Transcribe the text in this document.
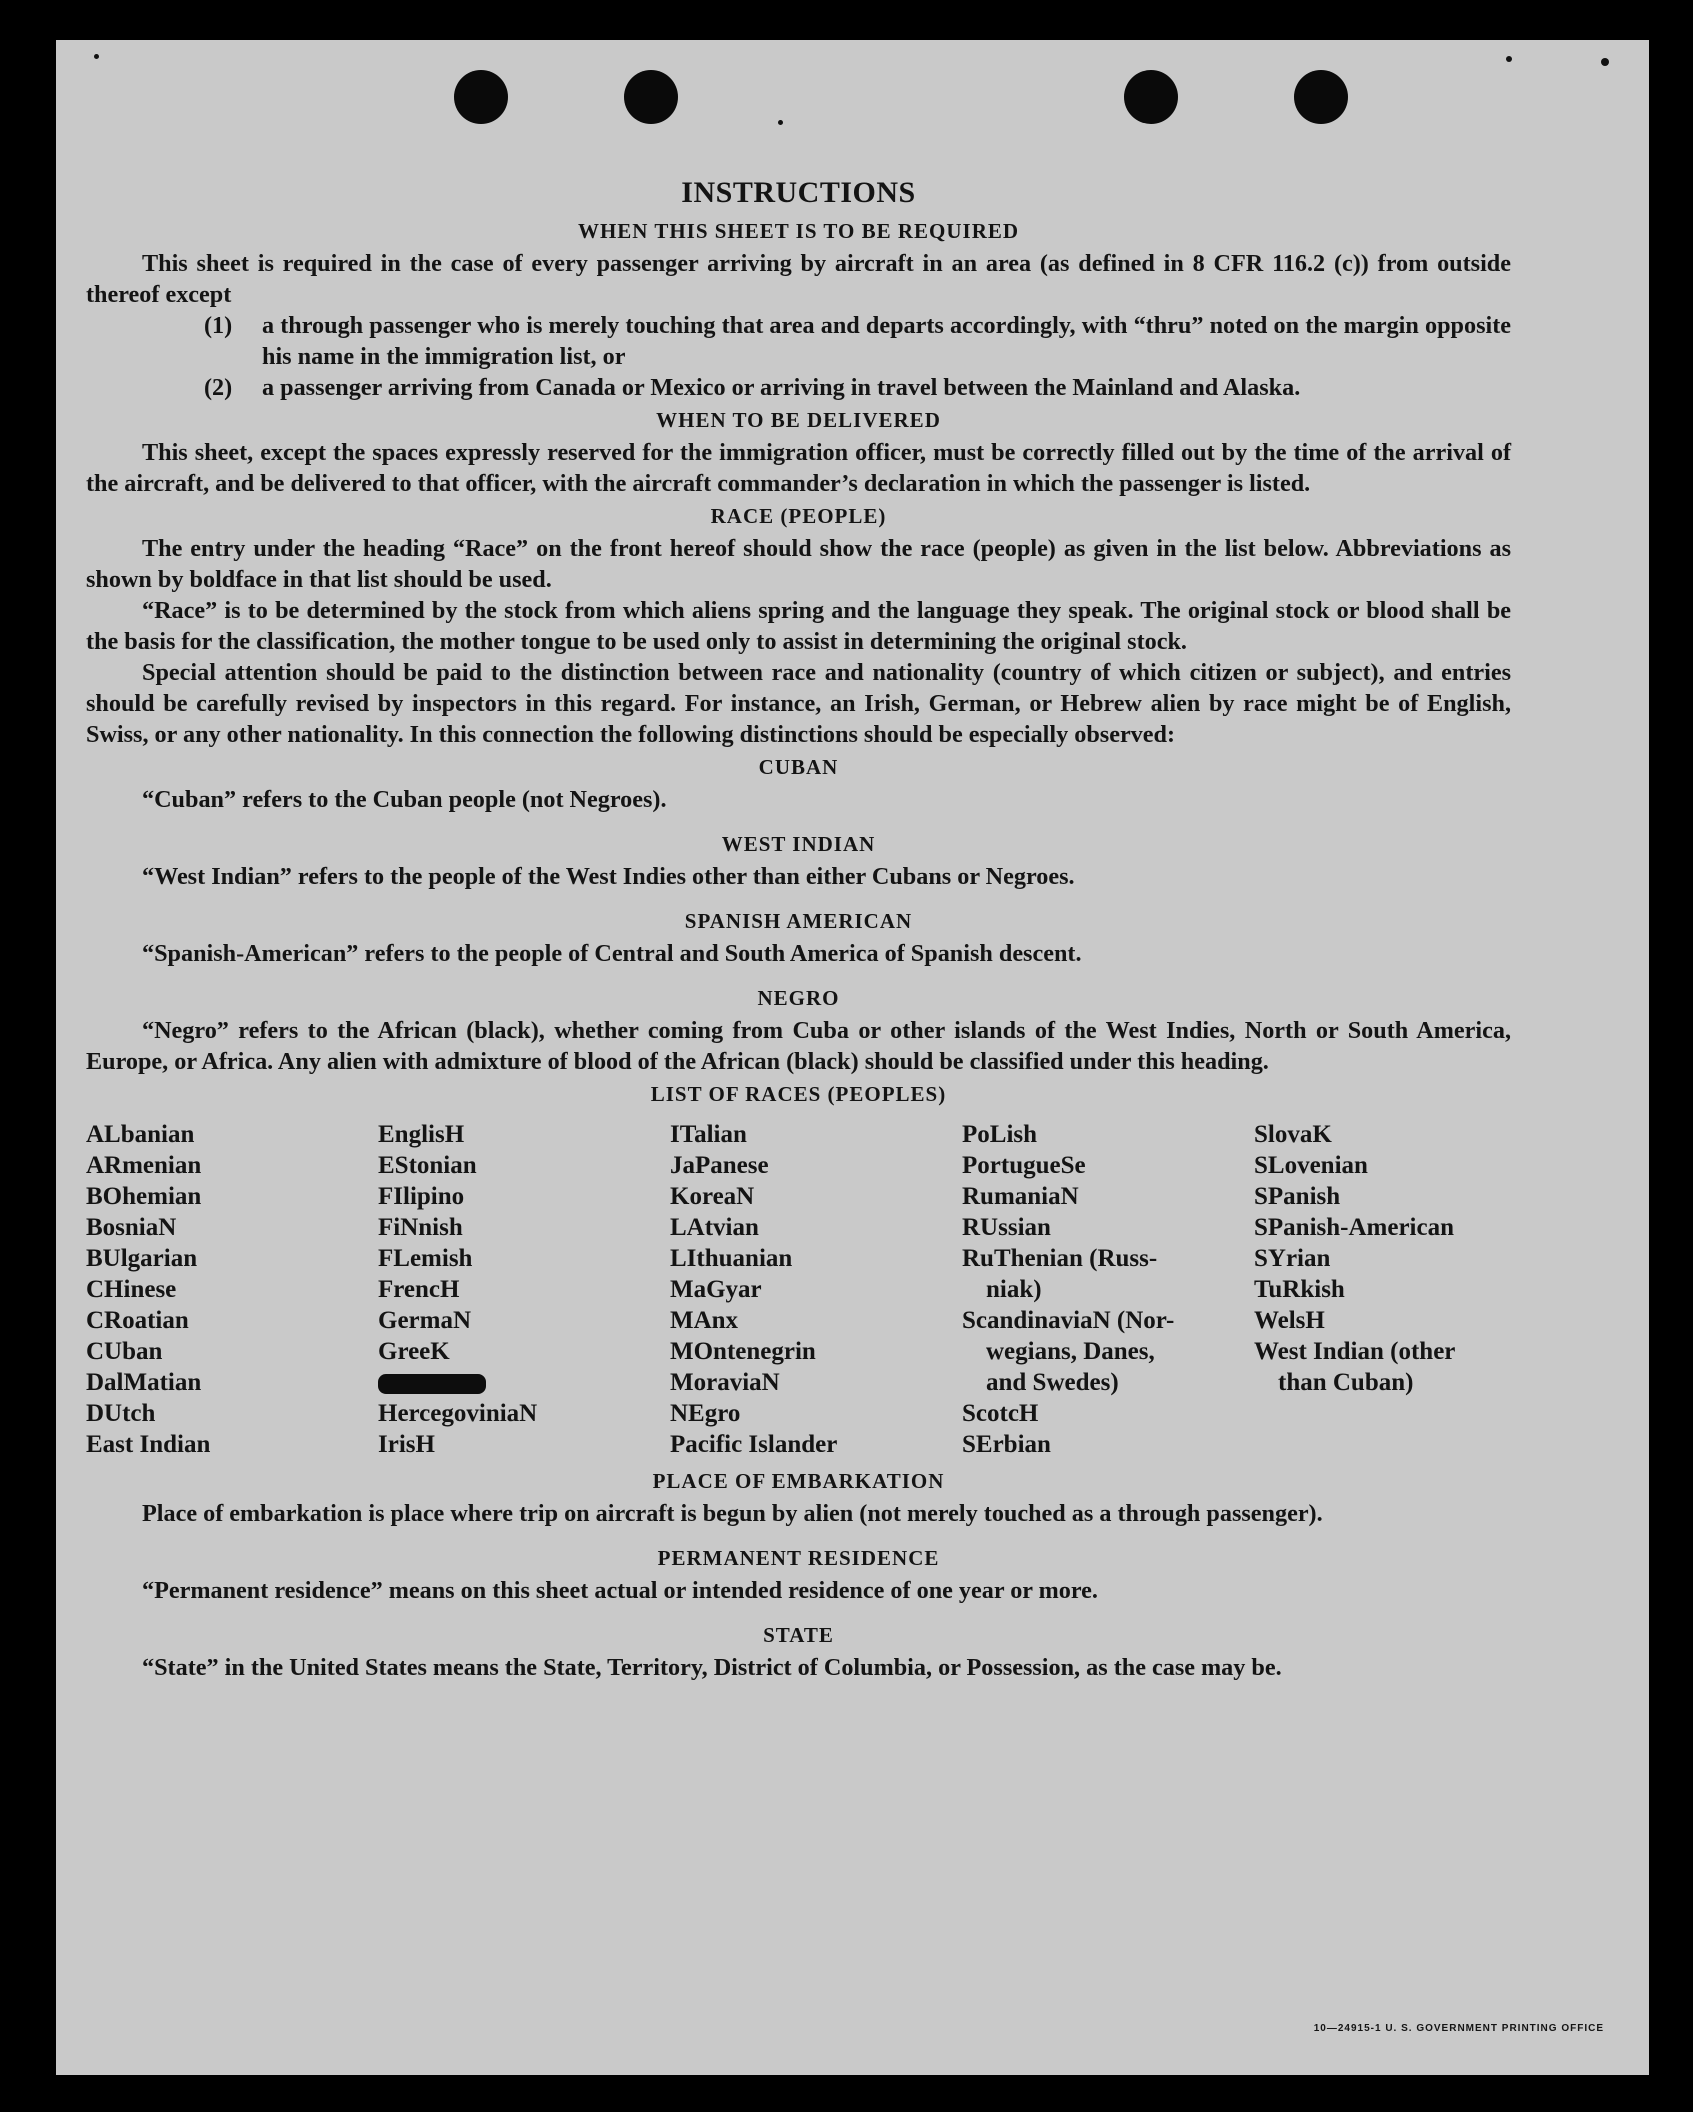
INSTRUCTIONS
WHEN THIS SHEET IS TO BE REQUIRED

This sheet is required in the case of every passenger arriving by aircraft in an area (as defined in 8 CFR 116.2 (c)) from outside thereof except

(1)	a through passenger who is merely touching that area and departs accordingly, with “thru” noted on the margin opposite his name in the immigration list, or
(2)	a passenger arriving from Canada or Mexico or arriving in travel between the Mainland and Alaska.
WHEN TO BE DELIVERED

This sheet, except the spaces expressly reserved for the immigration officer, must be correctly filled out by the time of the arrival of the aircraft, and be delivered to that officer, with the aircraft commander’s declaration in which the passenger is listed.

RACE (PEOPLE)

The entry under the heading “Race” on the front hereof should show the race (people) as given in the list below. Abbreviations as shown by boldface in that list should be used.

“Race” is to be determined by the stock from which aliens spring and the language they speak. The original stock or blood shall be the basis for the classification, the mother tongue to be used only to assist in determining the original stock.

Special attention should be paid to the distinction between race and nationality (country of which citizen or subject), and entries should be carefully revised by inspectors in this regard. For instance, an Irish, German, or Hebrew alien by race might be of English, Swiss, or any other nationality. In this connection the following distinctions should be especially observed:

CUBAN

“Cuban” refers to the Cuban people (not Negroes).

WEST INDIAN

“West Indian” refers to the people of the West Indies other than either Cubans or Negroes.

SPANISH AMERICAN

“Spanish-American” refers to the people of Central and South America of Spanish descent.

NEGRO

“Negro” refers to the African (black), whether coming from Cuba or other islands of the West Indies, North or South America, Europe, or Africa. Any alien with admixture of blood of the African (black) should be classified under this heading.

LIST OF RACES (PEOPLES)
ALbanian
ARmenian
BOhemian
BosniaN
BUlgarian
CHinese
CRoatian
CUban
DalMatian
DUtch
East Indian
EnglisH
EStonian
FIlipino
FiNnish
FLemish
FrencH
GermaN
GreeK
HercegoviniaN
IrisH
ITalian
JaPanese
KoreaN
LAtvian
LIthuanian
MaGyar
MAnx
MOntenegrin
MoraviaN
NEgro
Pacific Islander
PoLish
PortugueSe
RumaniaN
RUssian
RuThenian (Russ-
niak)
ScandinaviaN (Nor-
wegians, Danes,
and Swedes)
ScotcH
SErbian
SlovaK
SLovenian
SPanish
SPanish-American
SYrian
TuRkish
WelsH
West Indian (other
than Cuban)
PLACE OF EMBARKATION

Place of embarkation is place where trip on aircraft is begun by alien (not merely touched as a through passenger).

PERMANENT RESIDENCE

“Permanent residence” means on this sheet actual or intended residence of one year or more.

STATE

“State” in the United States means the State, Territory, District of Columbia, or Possession, as the case may be.

10—24915-1 U. S. GOVERNMENT PRINTING OFFICE
